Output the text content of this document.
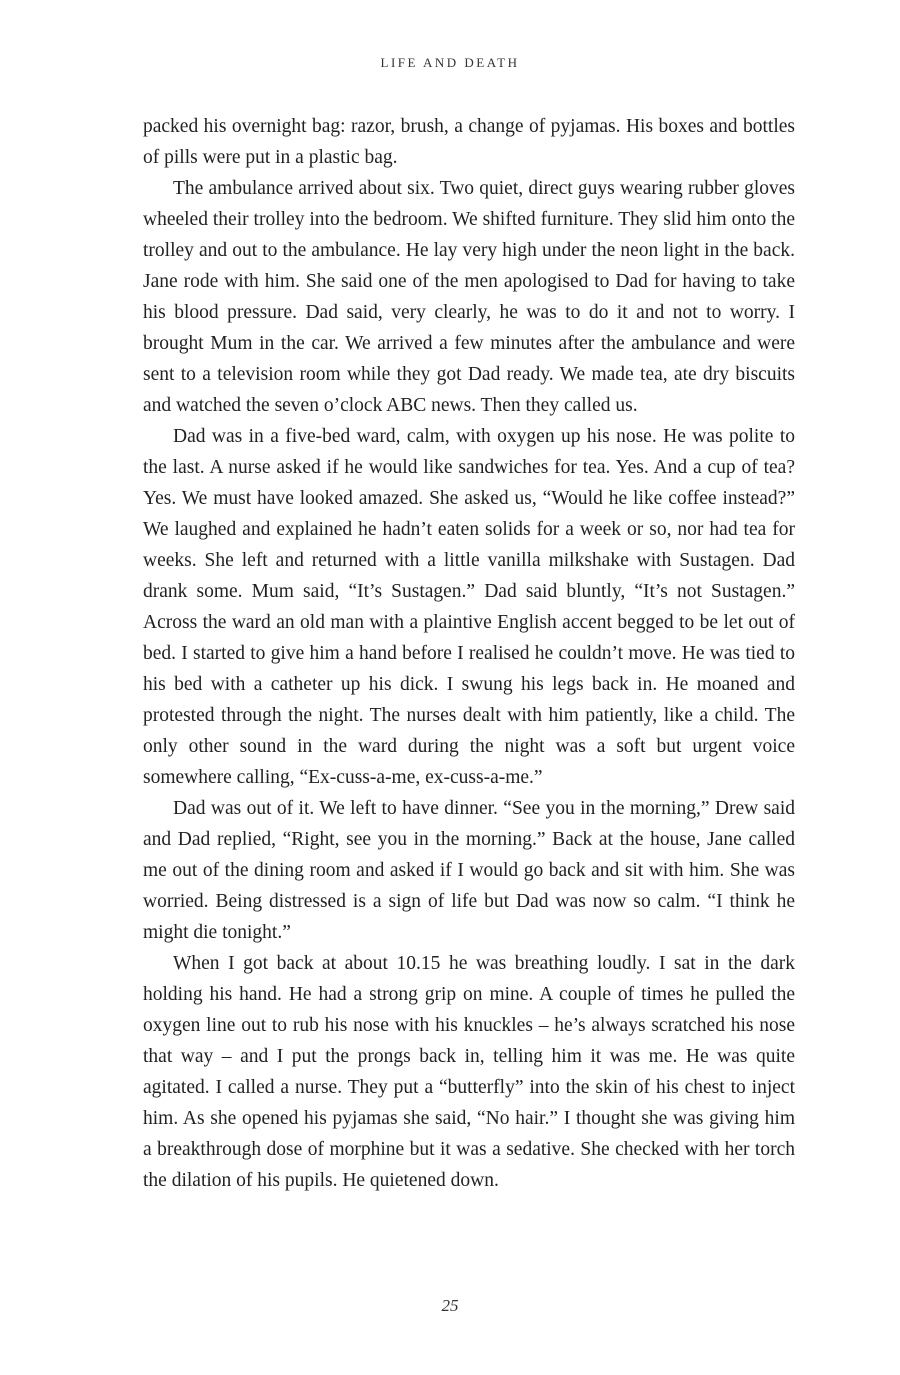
LIFE AND DEATH

packed his overnight bag: razor, brush, a change of pyjamas. His boxes and bottles of pills were put in a plastic bag.

The ambulance arrived about six. Two quiet, direct guys wearing rubber gloves wheeled their trolley into the bedroom. We shifted furniture. They slid him onto the trolley and out to the ambulance. He lay very high under the neon light in the back. Jane rode with him. She said one of the men apologised to Dad for having to take his blood pressure. Dad said, very clearly, he was to do it and not to worry. I brought Mum in the car. We arrived a few minutes after the ambulance and were sent to a television room while they got Dad ready. We made tea, ate dry biscuits and watched the seven o’clock ABC news. Then they called us.

Dad was in a five-bed ward, calm, with oxygen up his nose. He was polite to the last. A nurse asked if he would like sandwiches for tea. Yes. And a cup of tea? Yes. We must have looked amazed. She asked us, “Would he like coffee instead?” We laughed and explained he hadn’t eaten solids for a week or so, nor had tea for weeks. She left and returned with a little vanilla milkshake with Sustagen. Dad drank some. Mum said, “It’s Sustagen.” Dad said bluntly, “It’s not Sustagen.” Across the ward an old man with a plaintive English accent begged to be let out of bed. I started to give him a hand before I realised he couldn’t move. He was tied to his bed with a catheter up his dick. I swung his legs back in. He moaned and protested through the night. The nurses dealt with him patiently, like a child. The only other sound in the ward during the night was a soft but urgent voice somewhere calling, “Ex-cuss-a-me, ex-cuss-a-me.”

Dad was out of it. We left to have dinner. “See you in the morning,” Drew said and Dad replied, “Right, see you in the morning.” Back at the house, Jane called me out of the dining room and asked if I would go back and sit with him. She was worried. Being distressed is a sign of life but Dad was now so calm. “I think he might die tonight.”

When I got back at about 10.15 he was breathing loudly. I sat in the dark holding his hand. He had a strong grip on mine. A couple of times he pulled the oxygen line out to rub his nose with his knuckles – he’s always scratched his nose that way – and I put the prongs back in, telling him it was me. He was quite agitated. I called a nurse. They put a “butterfly” into the skin of his chest to inject him. As she opened his pyjamas she said, “No hair.” I thought she was giving him a breakthrough dose of morphine but it was a sedative. She checked with her torch the dilation of his pupils. He quietened down.

25
